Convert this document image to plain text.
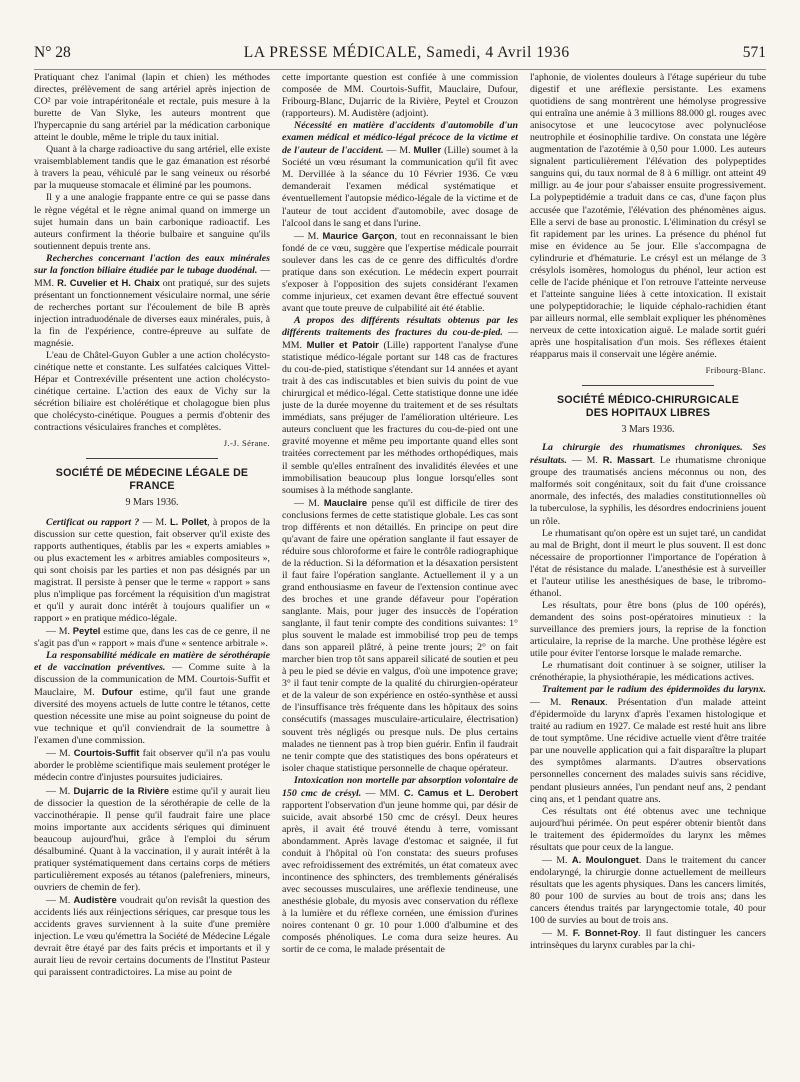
N° 28	LA PRESSE MÉDICALE, Samedi, 4 Avril 1936	571

Pratiquant chez l'animal (lapin et chien) les méthodes directes, prélèvement de sang artériel après injection de CO² par voie intrapéritonéale et rectale, puis mesure à la burette de Van Slyke, les auteurs montrent que l'hypercapnie du sang artériel par la médication carbonique atteint le double, même le triple du taux initial.

Quant à la charge radioactive du sang artériel, elle existe vraisemblablement tandis que le gaz émanation est résorbé à travers la peau, véhiculé par le sang veineux ou résorbé par la muqueuse stomacale et éliminé par les poumons.

Il y a une analogie frappante entre ce qui se passe dans le règne végétal et le règne animal quand on immerge un sujet humain dans un bain carbonique radioactif. Les auteurs confirment la théorie bulbaire et sanguine qu'ils soutiennent depuis trente ans.

Recherches concernant l'action des eaux minérales sur la fonction biliaire étudiée par le tubage duodénal. — MM. R. Cuvelier et H. Chaix ont pratiqué, sur des sujets présentant un fonctionnement vésiculaire normal, une série de recherches portant sur l'écoulement de bile B après injection intraduodénale de diverses eaux minérales, puis, à la fin de l'expérience, contre-épreuve au sulfate de magnésie.

L'eau de Châtel-Guyon Gubler a une action cholécysto-cinétique nette et constante. Les sulfatées calciques Vittel-Hépar et Contrexéville présentent une action cholécysto-cinétique certaine. L'action des eaux de Vichy sur la sécrétion biliaire est cholérétique et cholagogue bien plus que cholécysto-cinétique. Pougues a permis d'obtenir des contractions vésiculaires franches et complètes.

J.-J. Sérane.
SOCIÉTÉ DE MÉDECINE LÉGALE DE FRANCE
9 Mars 1936.

Certificat ou rapport ? — M. L. Pollet, à propos de la discussion sur cette question, fait observer qu'il existe des rapports authentiques, établis par les « experts amiables » ou plus exactement les « arbitres amiables compositeurs », qui sont choisis par les parties et non pas désignés par un magistrat. Il persiste à penser que le terme « rapport » sans plus n'implique pas forcément la réquisition d'un magistrat et qu'il y aurait donc intérêt à toujours qualifier un « rapport » en pratique médico-légale.

— M. Peytel estime que, dans les cas de ce genre, il ne s'agit pas d'un « rapport » mais d'une « sentence arbitrale ».

La responsabilité médicale en matière de sérothérapie et de vaccination préventives. — Comme suite à la discussion de la communication de MM. Courtois-Suffit et Mauclaire, M. Dufour estime, qu'il faut une grande diversité des moyens actuels de lutte contre le tétanos, cette question nécessite une mise au point soigneuse du point de vue technique et qu'il conviendrait de la soumettre à l'examen d'une commission.

— M. Courtois-Suffit fait observer qu'il n'a pas voulu aborder le problème scientifique mais seulement protéger le médecin contre d'injustes poursuites judiciaires.

— M. Dujarric de la Rivière estime qu'il y aurait lieu de dissocier la question de la sérothérapie de celle de la vaccinothérapie. Il pense qu'il faudrait faire une place moins importante aux accidents sériques qui diminuent beaucoup aujourd'hui, grâce à l'emploi du sérum désalbuminé. Quant à la vaccination, il y aurait intérêt à la pratiquer systématiquement dans certains corps de métiers particulièrement exposés au tétanos (palefreniers, mineurs, ouvriers de chemin de fer).

— M. Audistère voudrait qu'on revisât la question des accidents liés aux réinjections sériques, car presque tous les accidents graves surviennent à la suite d'une première injection. Le vœu qu'émettra la Société de Médecine Légale devrait être étayé par des faits précis et importants et il y aurait lieu de revoir certains documents de l'Institut Pasteur qui paraissent contradictoires. La mise au point de

cette importante question est confiée à une commission composée de MM. Courtois-Suffit, Mauclaire, Dufour, Fribourg-Blanc, Dujarric de la Rivière, Peytel et Crouzon (rapporteurs). M. Audistère (adjoint).

Nécessité en matière d'accidents d'automobile d'un examen médical et médico-légal précoce de la victime et de l'auteur de l'accident. — M. Muller (Lille) soumet à la Société un vœu résumant la communication qu'il fit avec M. Dervillée à la séance du 10 Février 1936. Ce vœu demanderait l'examen médical systématique et éventuellement l'autopsie médico-légale de la victime et de l'auteur de tout accident d'automobile, avec dosage de l'alcool dans le sang et dans l'urine.

— M. Maurice Garçon, tout en reconnaissant le bien fondé de ce vœu, suggère que l'expertise médicale pourrait soulever dans les cas de ce genre des difficultés d'ordre pratique dans son exécution. Le médecin expert pourrait s'exposer à l'opposition des sujets considérant l'examen comme injurieux, cet examen devant être effectué souvent avant que toute preuve de culpabilité ait été établie.

A propos des différents résultats obtenus par les différents traitements des fractures du cou-de-pied. — MM. Muller et Patoir (Lille) rapportent l'analyse d'une statistique médico-légale portant sur 148 cas de fractures du cou-de-pied, statistique s'étendant sur 14 années et ayant trait à des cas indiscutables et bien suivis du point de vue chirurgical et médico-légal. Cette statistique donne une idée juste de la durée moyenne du traitement et de ses résultats immédiats, sans préjuger de l'amélioration ultérieure. Les auteurs concluent que les fractures du cou-de-pied ont une gravité moyenne et même peu importante quand elles sont traitées correctement par les méthodes orthopédiques, mais il semble qu'elles entraînent des invalidités élevées et une immobilisation beaucoup plus longue lorsqu'elles sont soumises à la méthode sanglante.

— M. Mauclaire pense qu'il est difficile de tirer des conclusions fermes de cette statistique globale. Les cas sont trop différents et non détaillés. En principe on peut dire qu'avant de faire une opération sanglante il faut essayer de réduire sous chloroforme et faire le contrôle radiographique de la réduction. Si la déformation et la désaxation persistent il faut faire l'opération sanglante. Actuellement il y a un grand enthousiasme en faveur de l'extension continue avec des broches et une grande défaveur pour l'opération sanglante. Mais, pour juger des insuccès de l'opération sanglante, il faut tenir compte des conditions suivantes: 1° plus souvent le malade est immobilisé trop peu de temps dans son appareil plâtré, à peine trente jours; 2° on fait marcher bien trop tôt sans appareil silicaté de soutien et peu à peu le pied se dévie en valgus, d'où une impotence grave; 3° il faut tenir compte de la qualité du chirurgien-opérateur et de la valeur de son expérience en ostéo-synthèse et aussi de l'insuffisance très fréquente dans les hôpitaux des soins consécutifs (massages musculaire-articulaire, électrisation) souvent très négligés ou presque nuls. De plus certains malades ne tiennent pas à trop bien guérir. Enfin il faudrait ne tenir compte que des statistiques des bons opérateurs et isoler chaque statistique personnelle de chaque opérateur.

Intoxication non mortelle par absorption volontaire de 150 cmc de crésyl. — MM. C. Camus et L. Derobert rapportent l'observation d'un jeune homme qui, par désir de suicide, avait absorbé 150 cmc de crésyl. Deux heures après, il avait été trouvé étendu à terre, vomissant abondamment. Après lavage d'estomac et saignée, il fut conduit à l'hôpital où l'on constata: des sueurs profuses avec refroidissement des extrémités, un état comateux avec incontinence des sphincters, des tremblements généralisés avec secousses musculaires, une aréflexie tendineuse, une anesthésie globale, du myosis avec conservation du réflexe à la lumière et du réflexe cornéen, une émission d'urines noires contenant 0 gr. 10 pour 1.000 d'albumine et des composés phénoliques. Le coma dura seize heures. Au sortir de ce coma, le malade présentait de

l'aphonie, de violentes douleurs à l'étage supérieur du tube digestif et une aréflexie persistante. Les examens quotidiens de sang montrèrent une hémolyse progressive qui entraîna une anémie à 3 millions 88.000 gl. rouges avec anisocytose et une leucocytose avec polynucléose neutrophile et éosinophilie tardive. On constata une légère augmentation de l'azotémie à 0,50 pour 1.000. Les auteurs signalent particulièrement l'élévation des polypeptides sanguins qui, du taux normal de 8 à 6 milligr. ont atteint 49 milligr. au 4e jour pour s'abaisser ensuite progressivement. La polypeptidémie a traduit dans ce cas, d'une façon plus accusée que l'azotémie, l'élévation des phénomènes aigus. Elle a servi de base au pronostic. L'élimination du crésyl se fit rapidement par les urines. La présence du phénol fut mise en évidence au 5e jour. Elle s'accompagna de cylindrurie et d'hématurie. Le crésyl est un mélange de 3 crésylols isomères, homologus du phénol, leur action est celle de l'acide phénique et l'on retrouve l'atteinte nerveuse et l'atteinte sanguine liées à cette intoxication. Il existait une polypeptidorachie; le liquide céphalo-rachidien étant par ailleurs normal, elle semblait expliquer les phénomènes nerveux de cette intoxication aiguë. Le malade sortit guéri après une hospitalisation d'un mois. Ses réflexes étaient réapparus mais il conservait une légère anémie.

Fribourg-Blanc.
SOCIÉTÉ MÉDICO-CHIRURGICALE
DES HOPITAUX LIBRES
3 Mars 1936.

La chirurgie des rhumatismes chroniques. Ses résultats. — M. R. Massart. Le rhumatisme chronique groupe des traumatisés anciens méconnus ou non, des malformés soit congénitaux, soit du fait d'une croissance anormale, des infectés, des maladies constitutionnelles où la tuberculose, la syphilis, les désordres endocriniens jouent un rôle.

Le rhumatisant qu'on opère est un sujet taré, un candidat au mal de Bright, dont il meurt le plus souvent. Il est donc nécessaire de proportionner l'importance de l'opération à l'état de résistance du malade. L'anesthésie est à surveiller et l'auteur utilise les anesthésiques de base, le tribromo-éthanol.

Les résultats, pour être bons (plus de 100 opérés), demandent des soins post-opératoires minutieux : la surveillance des premiers jours, la reprise de la fonction articulaire, la reprise de la marche. Une prothèse légère est utile pour éviter l'entorse lorsque le malade remarche.

Le rhumatisant doit continuer à se soigner, utiliser la crénothérapie, la physiothérapie, les médications actives.

Traitement par le radium des épidermoïdes du larynx. — M. Renaux. Présentation d'un malade atteint d'épidermoïde du larynx d'après l'examen histologique et traité au radium en 1927. Ce malade est resté huit ans libre de tout symptôme. Une récidive actuelle vient d'être traitée par une nouvelle application qui a fait disparaître la plupart des symptômes alarmants. D'autres observations personnelles concernent des malades suivis sans récidive, pendant plusieurs années, l'un pendant neuf ans, 2 pendant cinq ans, et 1 pendant quatre ans.

Ces résultats ont été obtenus avec une technique aujourd'hui périmée. On peut espérer obtenir bientôt dans le traitement des épidermoïdes du larynx les mêmes résultats que pour ceux de la langue.

— M. A. Moulonguet. Dans le traitement du cancer endolaryngé, la chirurgie donne actuellement de meilleurs résultats que les agents physiques. Dans les cancers limités, 80 pour 100 de survies au bout de trois ans; dans les cancers étendus traités par laryngectomie totale, 40 pour 100 de survies au bout de trois ans.

— M. F. Bonnet-Roy. Il faut distinguer les cancers intrinsèques du larynx curables par la chi-
